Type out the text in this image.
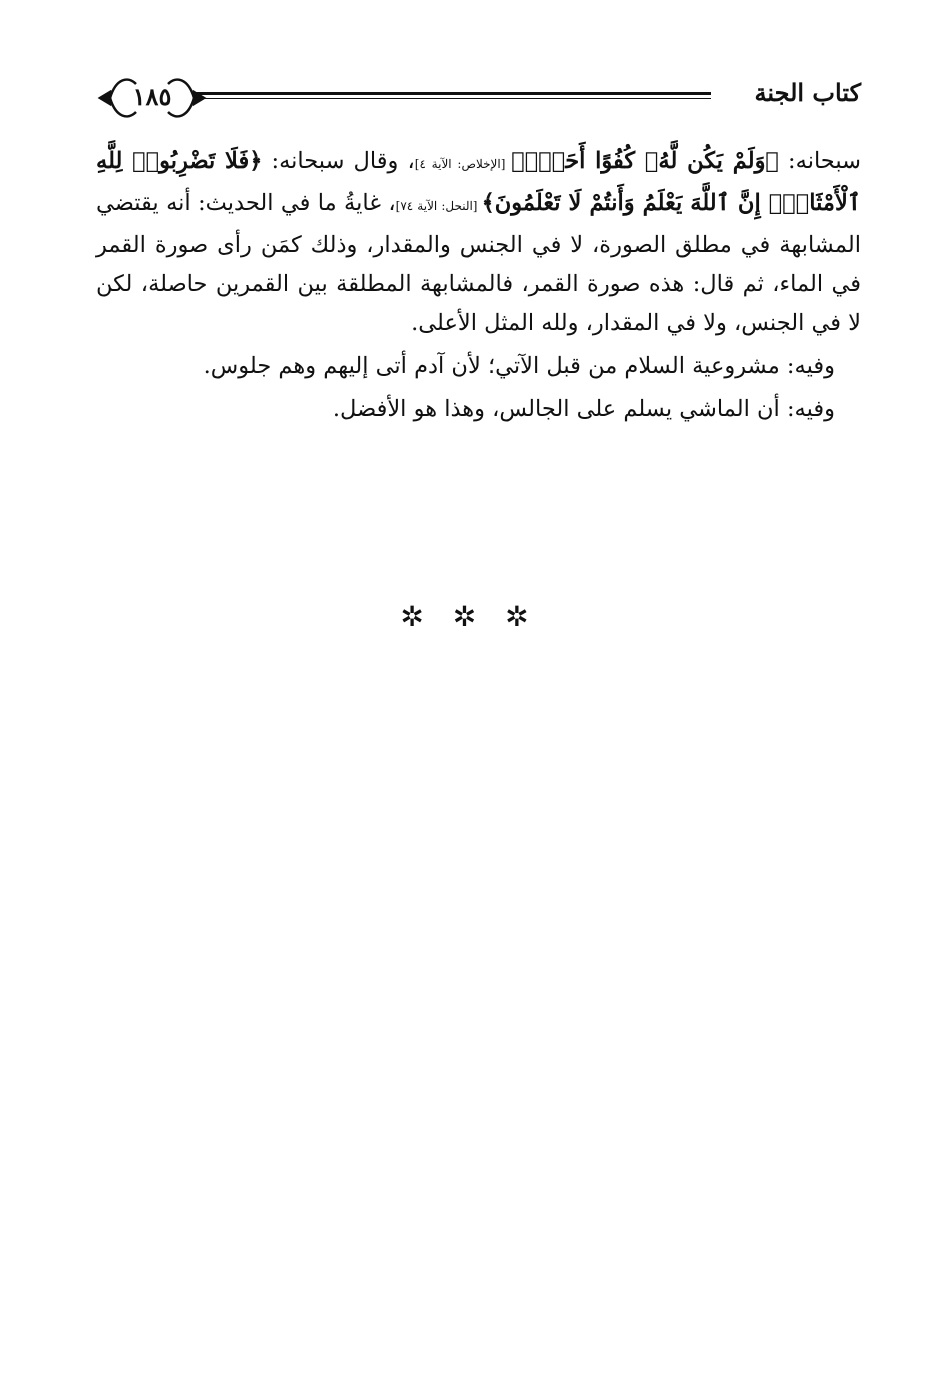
كتاب الجنة
١٨٥

سبحانه: ﴿وَلَمْ يَكُن لَّهُۥ كُفُوًا أَحَدٌۢ﴾ [الإخلاص: الآية ٤]، وقال سبحانه: ﴿فَلَا تَضْرِبُوا۟ لِلَّهِ ٱلْأَمْثَالَۚ إِنَّ ٱللَّهَ يَعْلَمُ وَأَنتُمْ لَا تَعْلَمُونَ﴾ [النحل: الآية ٧٤]، غايةُ ما في الحديث: أنه يقتضي المشابهة في مطلق الصورة، لا في الجنس والمقدار، وذلك كمَن رأى صورة القمر في الماء، ثم قال: هذه صورة القمر، فالمشابهة المطلقة بين القمرين حاصلة، لكن لا في الجنس، ولا في المقدار، ولله المثل الأعلى.

وفيه: مشروعية السلام من قبل الآتي؛ لأن آدم أتى إليهم وهم جلوس.

وفيه: أن الماشي يسلم على الجالس، وهذا هو الأفضل.

✲ ✲ ✲
